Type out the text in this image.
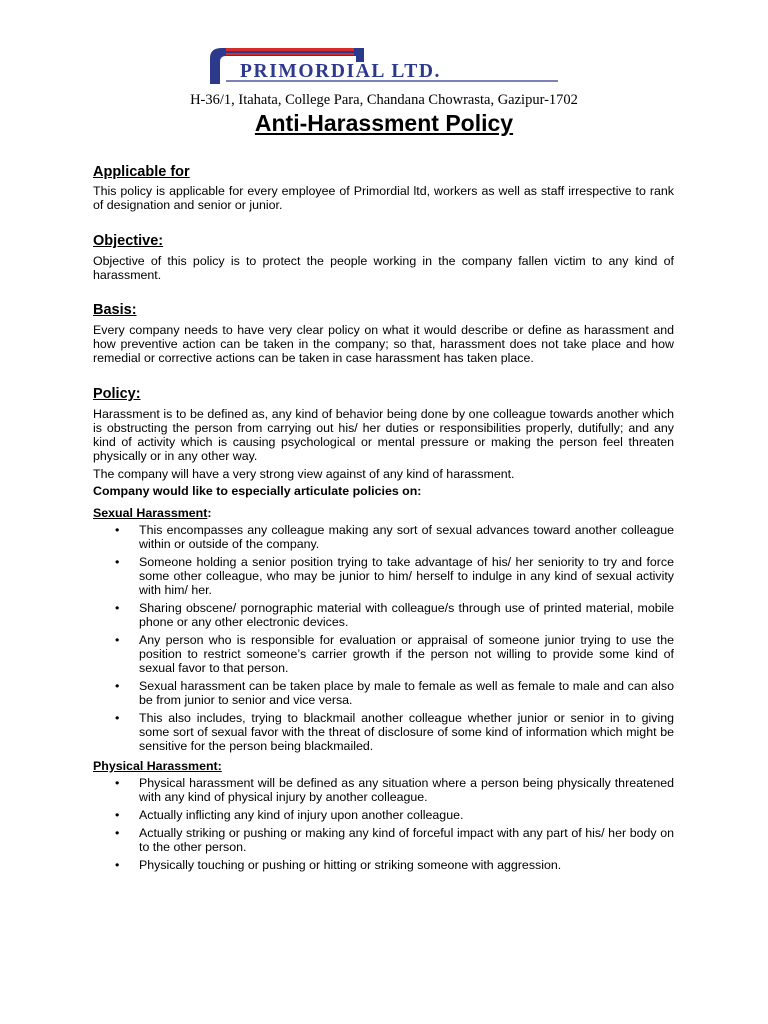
PRIMORDIAL LTD.
H-36/1, Itahata, College Para, Chandana Chowrasta, Gazipur-1702
Anti-Harassment Policy
Applicable for
This policy is applicable for every employee of Primordial ltd, workers as well as staff irrespective to rank of designation and senior or junior.
Objective:
Objective of this policy is to protect the people working in the company fallen victim to any kind of harassment.
Basis:
Every company needs to have very clear policy on what it would describe or define as harassment and how preventive action can be taken in the company; so that, harassment does not take place and how remedial or corrective actions can be taken in case harassment has taken place.
Policy:
Harassment is to be defined as, any kind of behavior being done by one colleague towards another which is obstructing the person from carrying out his/ her duties or responsibilities properly, dutifully; and any kind of activity which is causing psychological or mental pressure or making the person feel threaten physically or in any other way.
The company will have a very strong view against of any kind of harassment.
Company would like to especially articulate policies on:
Sexual Harassment:
• This encompasses any colleague making any sort of sexual advances toward another colleague within or outside of the company.
• Someone holding a senior position trying to take advantage of his/ her seniority to try and force some other colleague, who may be junior to him/ herself to indulge in any kind of sexual activity with him/ her.
• Sharing obscene/ pornographic material with colleague/s through use of printed material, mobile phone or any other electronic devices.
• Any person who is responsible for evaluation or appraisal of someone junior trying to use the position to restrict someone’s carrier growth if the person not willing to provide some kind of sexual favor to that person.
• Sexual harassment can be taken place by male to female as well as female to male and can also be from junior to senior and vice versa.
• This also includes, trying to blackmail another colleague whether junior or senior in to giving some sort of sexual favor with the threat of disclosure of some kind of information which might be sensitive for the person being blackmailed.
Physical Harassment:
• Physical harassment will be defined as any situation where a person being physically threatened with any kind of physical injury by another colleague.
• Actually inflicting any kind of injury upon another colleague.
• Actually striking or pushing or making any kind of forceful impact with any part of his/ her body on to the other person.
• Physically touching or pushing or hitting or striking someone with aggression.
